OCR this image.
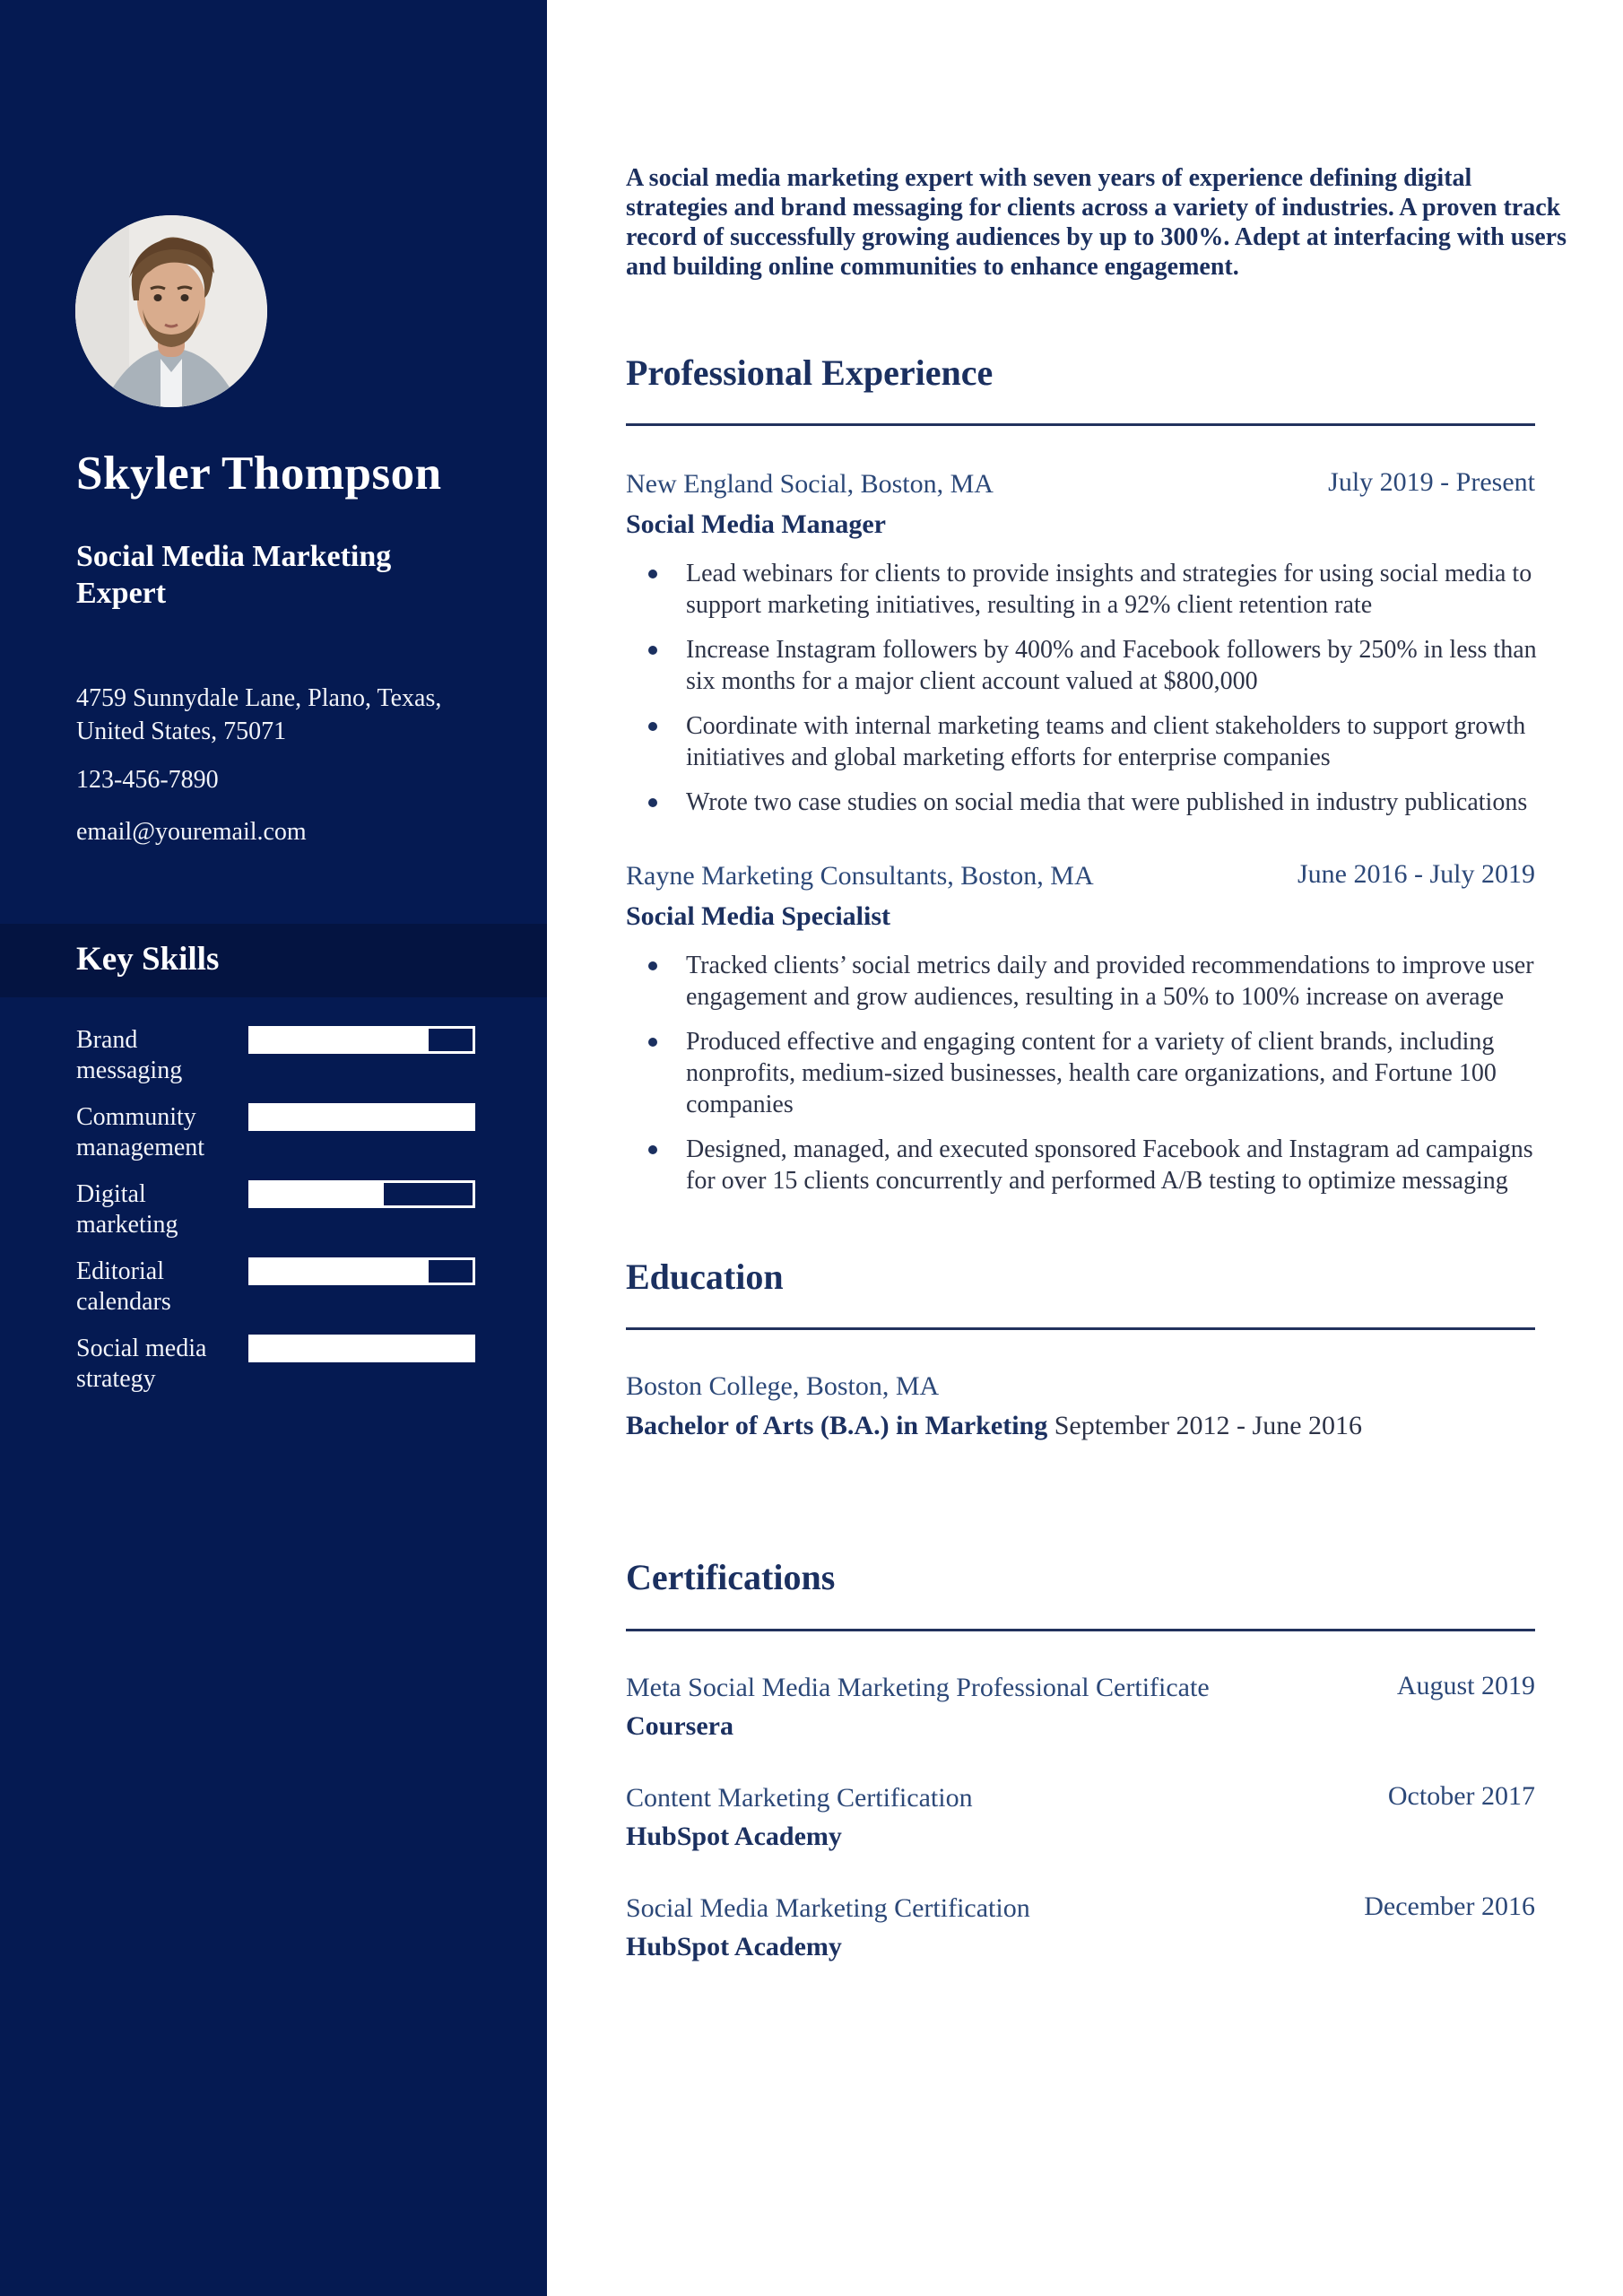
Skyler Thompson
Social Media Marketing Expert
4759 Sunnydale Lane, Plano, Texas,
United States, 75071
123-456-7890
email@youremail.com
Key Skills
Brand messaging
Community management
Digital marketing
Editorial calendars
Social media strategy

A social media marketing expert with seven years of experience defining digital strategies and brand messaging for clients across a variety of industries. A proven track record of successfully growing audiences by up to 300%. Adept at interfacing with users and building online communities to enhance engagement.

Professional Experience
New England Social, Boston, MA	July 2019 - Present
Social Media Manager
Lead webinars for clients to provide insights and strategies for using social media to support marketing initiatives, resulting in a 92% client retention rate
Increase Instagram followers by 400% and Facebook followers by 250% in less than six months for a major client account valued at $800,000
Coordinate with internal marketing teams and client stakeholders to support growth initiatives and global marketing efforts for enterprise companies
Wrote two case studies on social media that were published in industry publications
Rayne Marketing Consultants, Boston, MA	June 2016 - July 2019
Social Media Specialist
Tracked clients’ social metrics daily and provided recommendations to improve user engagement and grow audiences, resulting in a 50% to 100% increase on average
Produced effective and engaging content for a variety of client brands, including nonprofits, medium-sized businesses, health care organizations, and Fortune 100 companies
Designed, managed, and executed sponsored Facebook and Instagram ad campaigns for over 15 clients concurrently and performed A/B testing to optimize messaging
Education
Boston College, Boston, MA
Bachelor of Arts (B.A.) in Marketing September 2012 - June 2016
Certifications
Meta Social Media Marketing Professional Certificate	August 2019
Coursera
Content Marketing Certification	October 2017
HubSpot Academy
Social Media Marketing Certification	December 2016
HubSpot Academy
